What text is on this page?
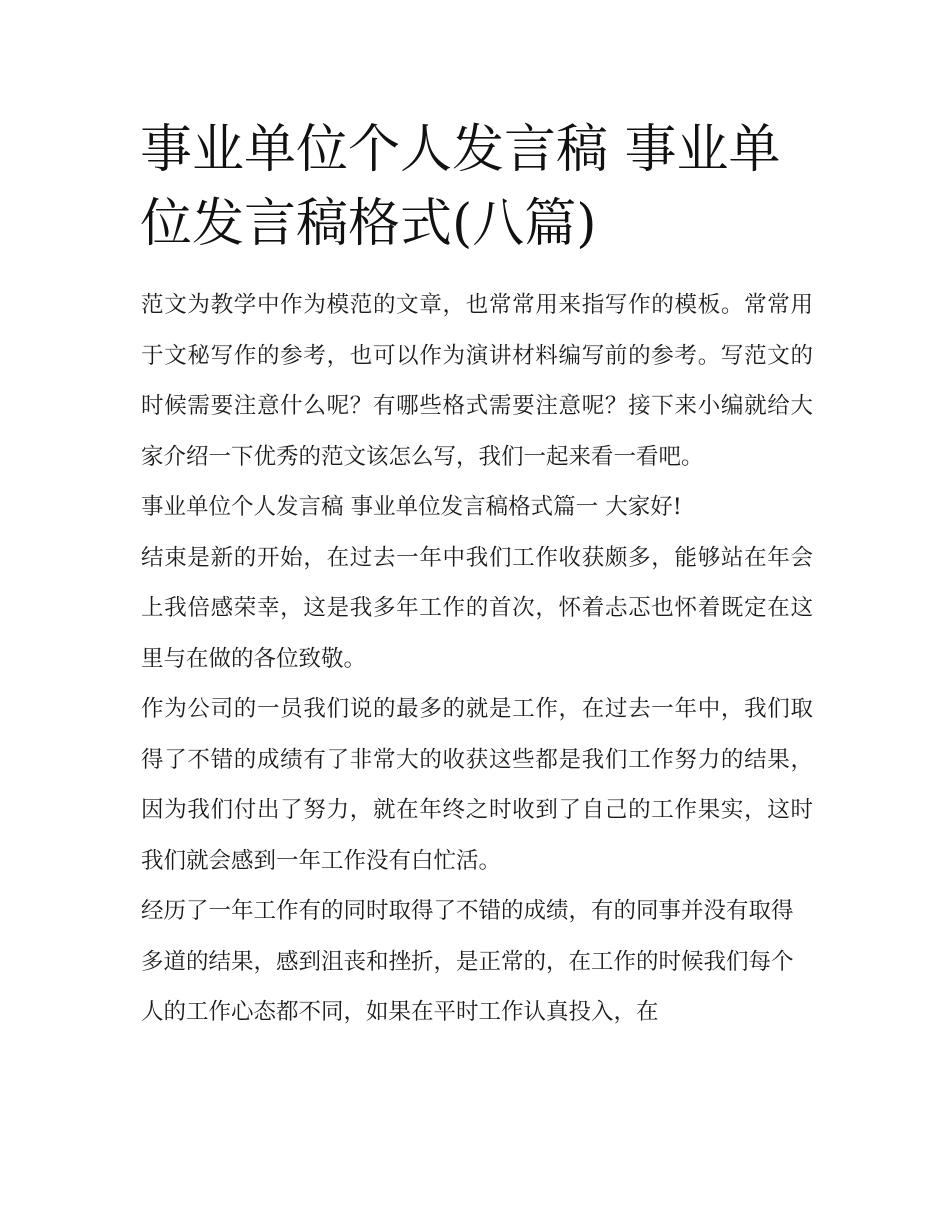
事业单位个人发言稿 事业单位发言稿格式(八篇)

范文为教学中作为模范的文章，也常常用来指写作的模板。常常用于文秘写作的参考，也可以作为演讲材料编写前的参考。写范文的时候需要注意什么呢？有哪些格式需要注意呢？接下来小编就给大家介绍一下优秀的范文该怎么写，我们一起来看一看吧。

事业单位个人发言稿 事业单位发言稿格式篇一 大家好!

结束是新的开始，在过去一年中我们工作收获颇多，能够站在年会上我倍感荣幸，这是我多年工作的首次，怀着忐忑也怀着既定在这里与在做的各位致敬。

作为公司的一员我们说的最多的就是工作，在过去一年中，我们取得了不错的成绩有了非常大的收获这些都是我们工作努力的结果，因为我们付出了努力，就在年终之时收到了自己的工作果实，这时我们就会感到一年工作没有白忙活。

经历了一年工作有的同时取得了不错的成绩，有的同事并没有取得多道的结果，感到沮丧和挫折，是正常的，在工作的时候我们每个人的工作心态都不同，如果在平时工作认真投入，在
